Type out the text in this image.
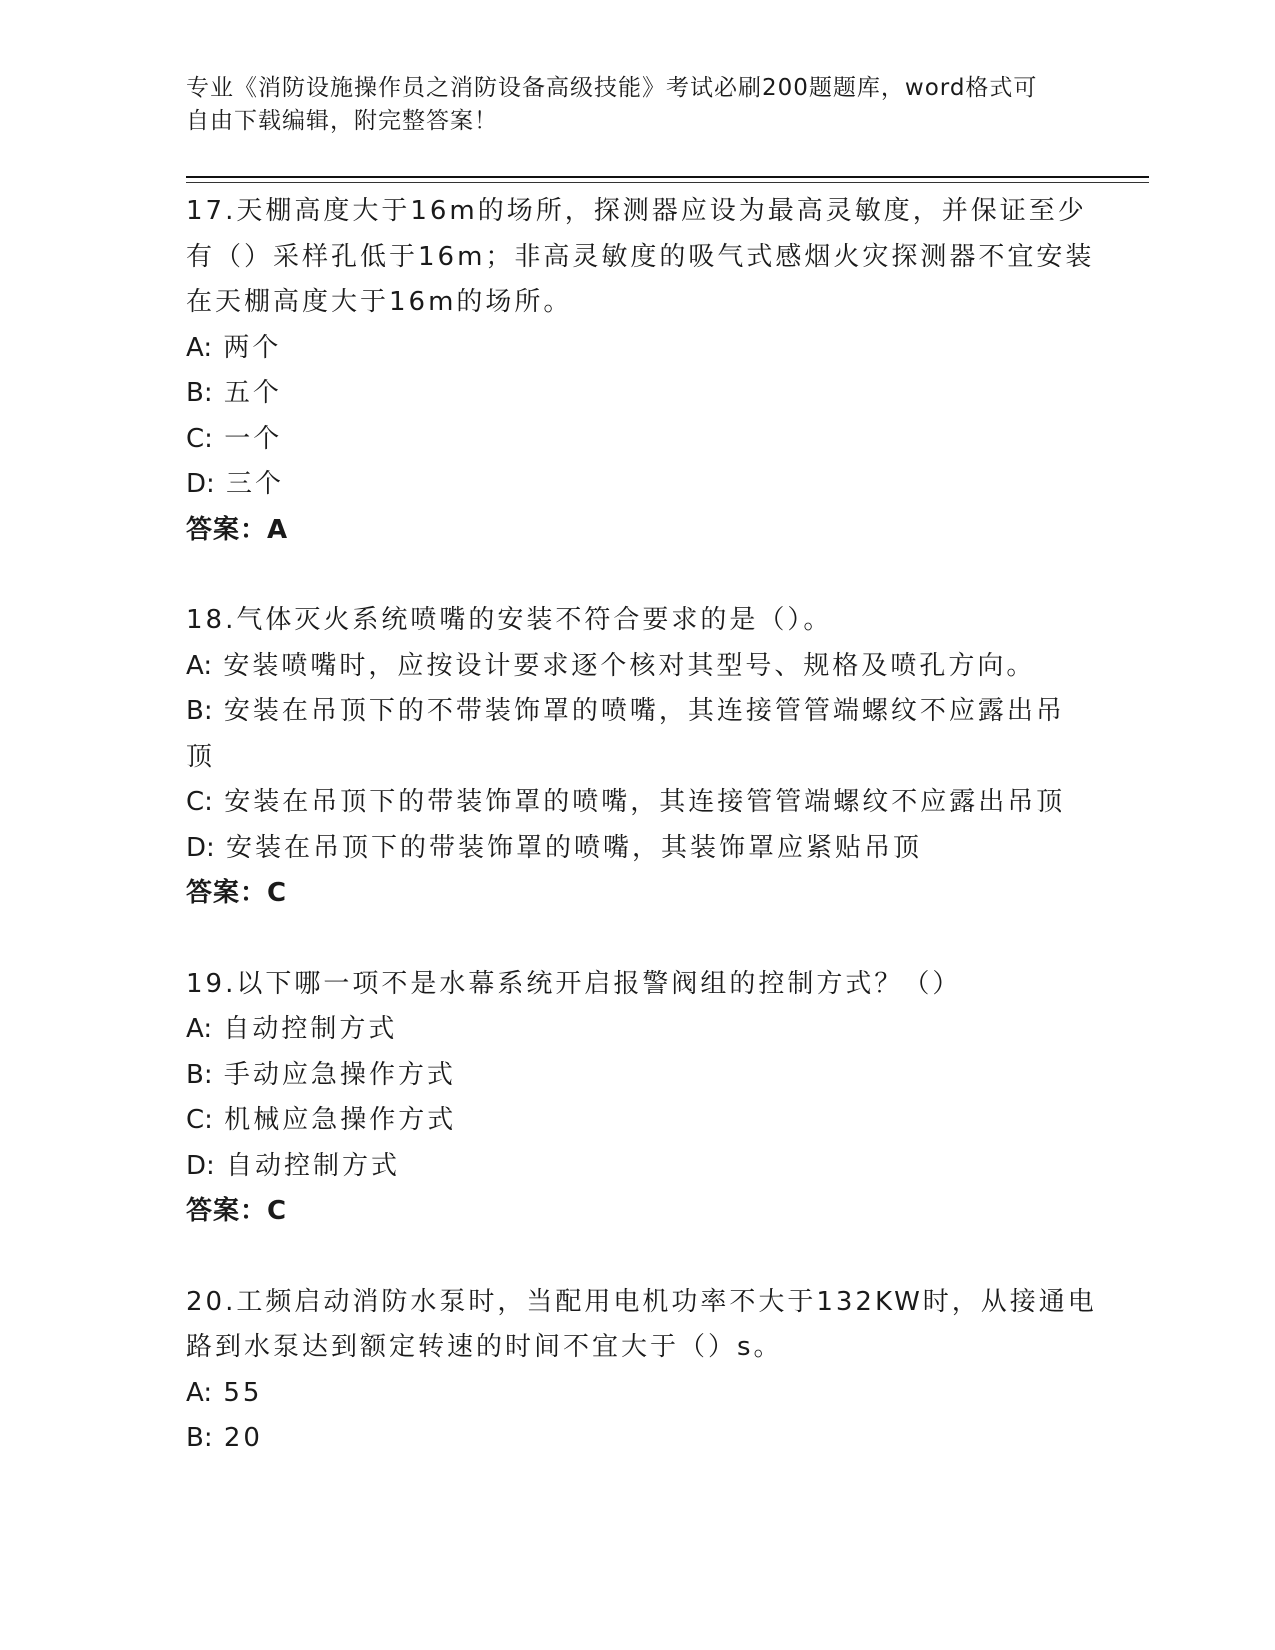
专业《消防设施操作员之消防设备高级技能》考试必刷200题题库，word格式可
自由下载编辑，附完整答案！
17.天棚高度大于16m的场所，探测器应设为最高灵敏度，并保证至少
有（）采样孔低于16m；非高灵敏度的吸气式感烟火灾探测器不宜安装
在天棚高度大于16m的场所。
A: 两个
B: 五个
C: 一个
D: 三个
答案：A
18.气体灭火系统喷嘴的安装不符合要求的是（）。
A: 安装喷嘴时，应按设计要求逐个核对其型号、规格及喷孔方向。
B: 安装在吊顶下的不带装饰罩的喷嘴，其连接管管端螺纹不应露出吊
顶
C: 安装在吊顶下的带装饰罩的喷嘴，其连接管管端螺纹不应露出吊顶
D: 安装在吊顶下的带装饰罩的喷嘴，其装饰罩应紧贴吊顶
答案：C
19.以下哪一项不是水幕系统开启报警阀组的控制方式？（）
A: 自动控制方式
B: 手动应急操作方式
C: 机械应急操作方式
D: 自动控制方式
答案：C
20.工频启动消防水泵时，当配用电机功率不大于132KW时，从接通电
路到水泵达到额定转速的时间不宜大于（）s。
A: 55
B: 20
